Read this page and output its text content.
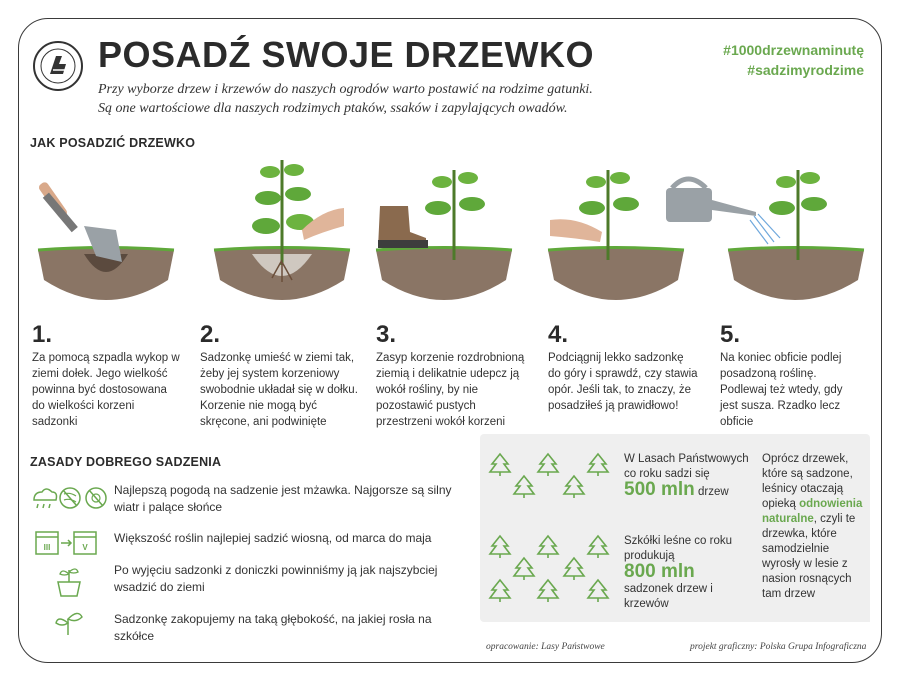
POSADŹ SWOJE DRZEWKO
Przy wyborze drzew i krzewów do naszych ogrodów warto postawić na rodzime gatunki.
Są one wartościowe dla naszych rodzimych ptaków, ssaków i zapylających owadów.
#1000drzewnaminutę
#sadzimyrodzime
JAK POSADZIĆ DRZEWKO
1.
Za pomocą szpadla wykop w ziemi dołek. Jego wielkość powinna być dostosowana do wielkości korzeni sadzonki
2.
Sadzonkę umieść w ziemi tak, żeby jej system korzeniowy swobodnie układał się w dołku. Korzenie nie mogą być skręcone, ani podwinięte
3.
Zasyp korzenie rozdrobnioną ziemią i delikatnie udepcz ją wokół rośliny, by nie pozostawić pustych przestrzeni wokół korzeni
4.
Podciągnij lekko sadzonkę do góry i sprawdź, czy stawia opór. Jeśli tak, to znaczy, że posadziłeś ją prawidłowo!
5.
Na koniec obficie podlej posadzoną roślinę. Podlewaj też wtedy, gdy jest susza. Rzadko lecz obficie
ZASADY DOBREGO SADZENIA
Najlepszą pogodą na sadzenie jest mżawka. Najgorsze są silny wiatr i palące słońce
III	V
Większość roślin najlepiej sadzić wiosną, od marca do maja
Po wyjęciu sadzonki z doniczki powinniśmy ją jak najszybciej wsadzić do ziemi
Sadzonkę zakopujemy na taką głębokość, na jakiej rosła na szkółce
W Lasach Państwowych co roku sadzi się
500 mln drzew
Szkółki leśne co roku produkują
800 mln
sadzonek drzew i krzewów
Oprócz drzewek, które są sadzone, leśnicy otaczają opieką odnowienia naturalne, czyli te drzewka, które samodzielnie wyrosły w lesie z nasion rosnących tam drzew
opracowanie: Lasy Państwowe	projekt graficzny: Polska Grupa Infograficzna
